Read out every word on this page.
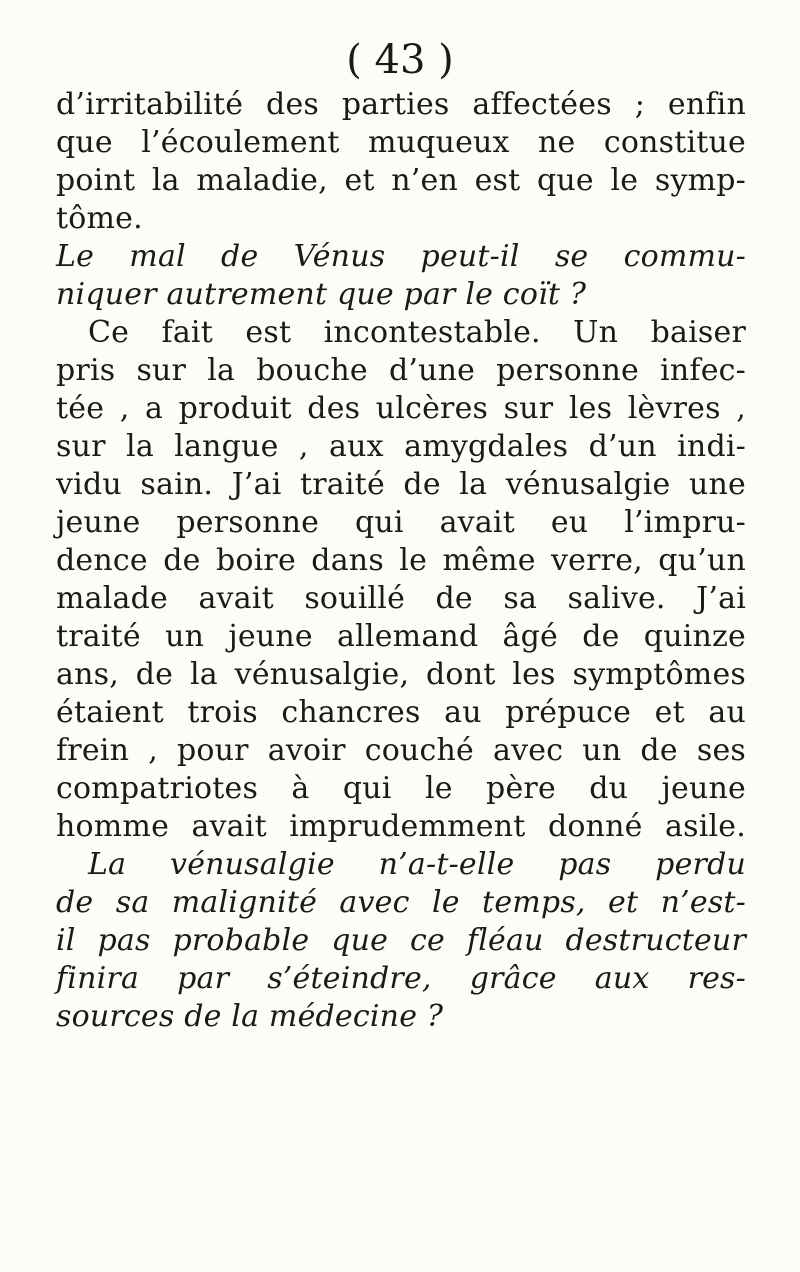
( 43 )
d’irritabilité des parties affectées ; enfin
que l’écoulement muqueux ne constitue
point la maladie, et n’en est que le symp-
tôme.
Le mal de Vénus peut-il se commu-
niquer autrement que par le coït ?
Ce fait est incontestable. Un baiser
pris sur la bouche d’une personne infec-
tée , a produit des ulcères sur les lèvres ,
sur la langue , aux amygdales d’un indi-
vidu sain. J’ai traité de la vénusalgie une
jeune personne qui avait eu l’impru-
dence de boire dans le même verre, qu’un
malade avait souillé de sa salive. J’ai
traité un jeune allemand âgé de quinze
ans, de la vénusalgie, dont les symptômes
étaient trois chancres au prépuce et au
frein , pour avoir couché avec un de ses
compatriotes à qui le père du jeune
homme avait imprudemment donné asile.
La vénusalgie n’a-t-elle pas perdu
de sa malignité avec le temps, et n’est-
il pas probable que ce fléau destructeur
finira par s’éteindre, grâce aux res-
sources de la médecine ?
